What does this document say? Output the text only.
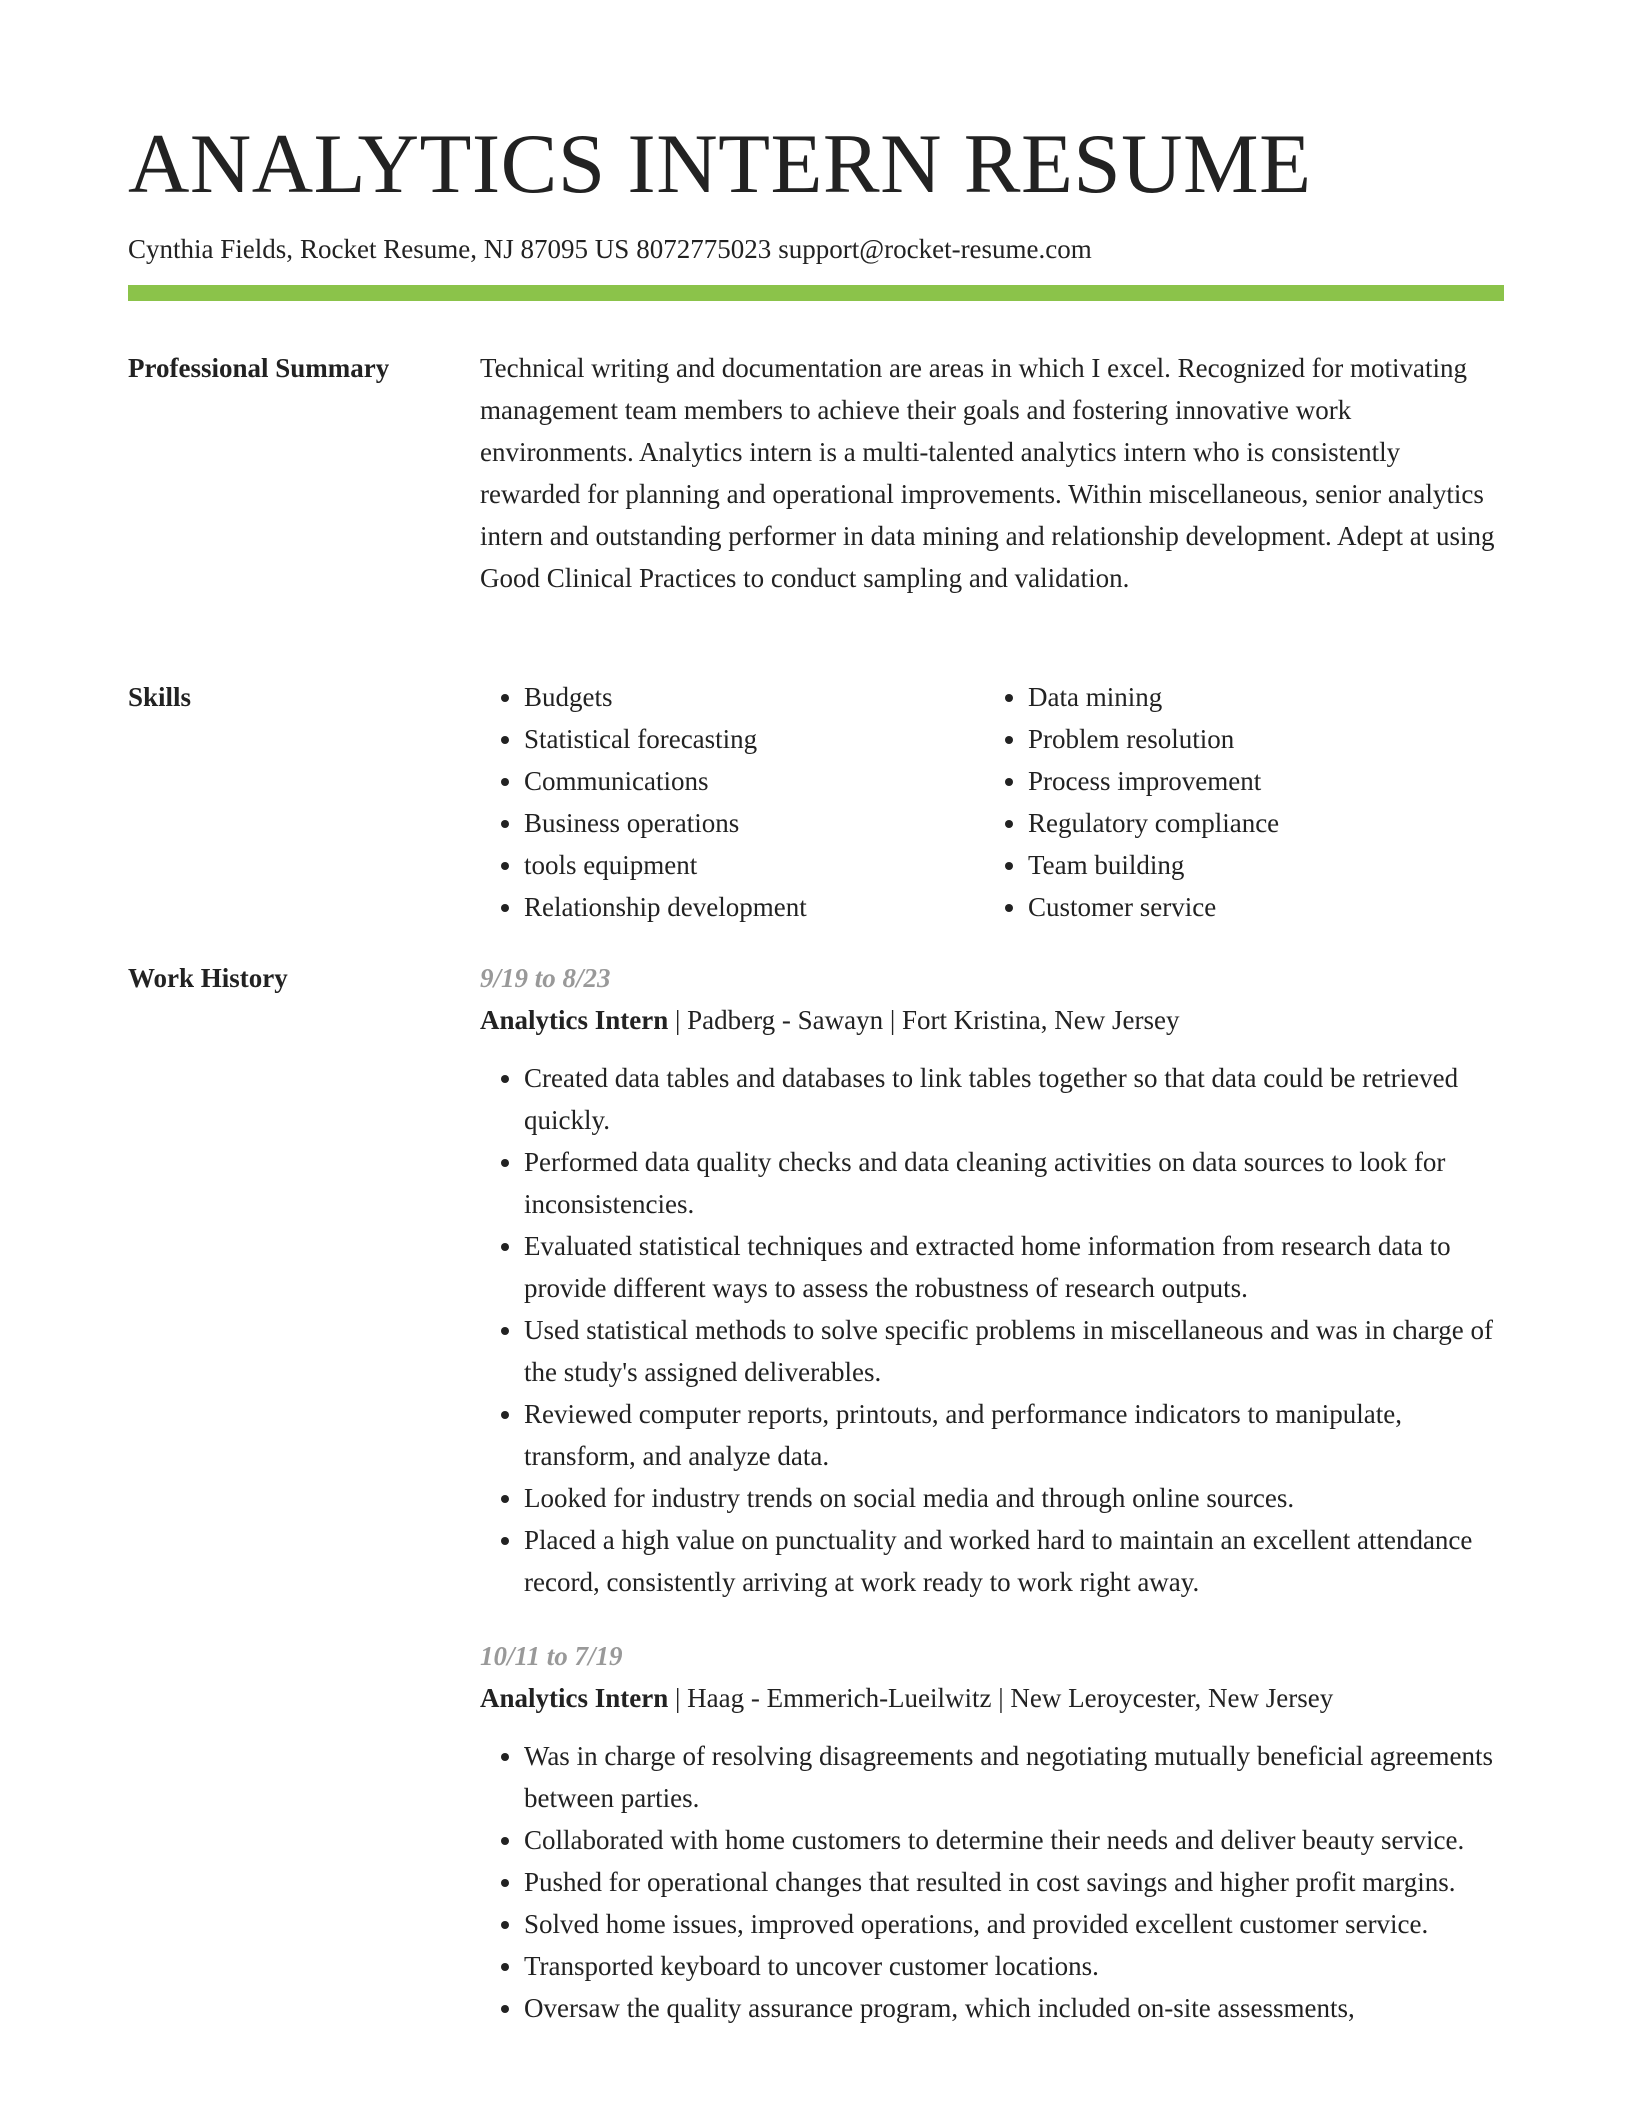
ANALYTICS INTERN RESUME
Cynthia Fields, Rocket Resume, NJ 87095 US 8072775023 support@rocket-resume.com
Professional Summary	Technical writing and documentation are areas in which I excel. Recognized for motivating management team members to achieve their goals and fostering innovative work environments. Analytics intern is a multi-talented analytics intern who is consistently rewarded for planning and operational improvements. Within miscellaneous, senior analytics intern and outstanding performer in data mining and relationship development. Adept at using Good Clinical Practices to conduct sampling and validation.

Skills
•	Budgets
• Statistical forecasting
• Communications
• Business operations
• tools equipment
• Relationship development
• Data mining
• Problem resolution
• Process improvement
• Regulatory compliance
• Team building
• Customer service
Work History	9/19 to 8/23
Analytics Intern | Padberg - Sawayn | Fort Kristina, New Jersey
• Created data tables and databases to link tables together so that data could be retrieved quickly.
• Performed data quality checks and data cleaning activities on data sources to look for inconsistencies.
• Evaluated statistical techniques and extracted home information from research data to provide different ways to assess the robustness of research outputs.
• Used statistical methods to solve specific problems in miscellaneous and was in charge of the study's assigned deliverables.
• Reviewed computer reports, printouts, and performance indicators to manipulate, transform, and analyze data.
• Looked for industry trends on social media and through online sources.
• Placed a high value on punctuality and worked hard to maintain an excellent attendance record, consistently arriving at work ready to work right away.
10/11 to 7/19
Analytics Intern | Haag - Emmerich-Lueilwitz | New Leroycester, New Jersey
• Was in charge of resolving disagreements and negotiating mutually beneficial agreements between parties.
• Collaborated with home customers to determine their needs and deliver beauty service.
• Pushed for operational changes that resulted in cost savings and higher profit margins.
• Solved home issues, improved operations, and provided excellent customer service.
• Transported keyboard to uncover customer locations.
• Oversaw the quality assurance program, which included on-site assessments,
